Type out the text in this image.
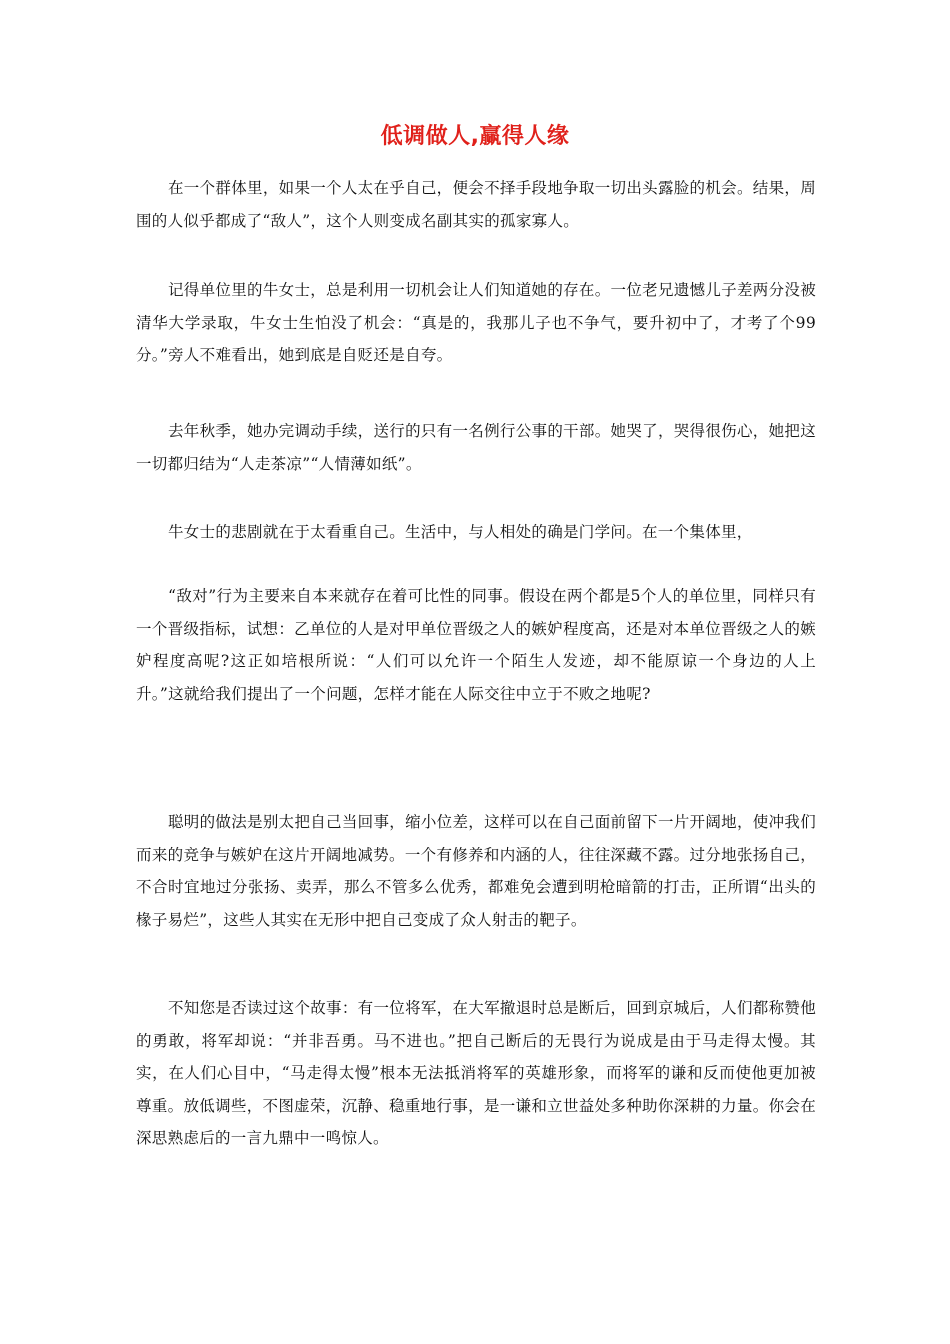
低调做人,赢得人缘

在一个群体里，如果一个人太在乎自己，便会不择手段地争取一切出头露脸的机会。结果，周围的人似乎都成了“敌人”，这个人则变成名副其实的孤家寡人。

记得单位里的牛女士，总是利用一切机会让人们知道她的存在。一位老兄遗憾儿子差两分没被清华大学录取，牛女士生怕没了机会：“真是的，我那儿子也不争气，要升初中了，才考了个99分。”旁人不难看出，她到底是自贬还是自夸。

去年秋季，她办完调动手续，送行的只有一名例行公事的干部。她哭了，哭得很伤心，她把这一切都归结为“人走茶凉”“人情薄如纸”。

牛女士的悲剧就在于太看重自己。生活中，与人相处的确是门学问。在一个集体里，

“敌对”行为主要来自本来就存在着可比性的同事。假设在两个都是5个人的单位里，同样只有一个晋级指标，试想：乙单位的人是对甲单位晋级之人的嫉妒程度高，还是对本单位晋级之人的嫉妒程度高呢?这正如培根所说：“人们可以允许一个陌生人发迹，却不能原谅一个身边的人上升。”这就给我们提出了一个问题，怎样才能在人际交往中立于不败之地呢?

聪明的做法是别太把自己当回事，缩小位差，这样可以在自己面前留下一片开阔地，使冲我们而来的竞争与嫉妒在这片开阔地减势。一个有修养和内涵的人，往往深藏不露。过分地张扬自己，不合时宜地过分张扬、卖弄，那么不管多么优秀，都难免会遭到明枪暗箭的打击，正所谓“出头的椽子易烂”，这些人其实在无形中把自己变成了众人射击的靶子。

不知您是否读过这个故事：有一位将军，在大军撤退时总是断后，回到京城后，人们都称赞他的勇敢，将军却说：“并非吾勇。马不进也。”把自己断后的无畏行为说成是由于马走得太慢。其实，在人们心目中，“马走得太慢”根本无法抵消将军的英雄形象，而将军的谦和反而使他更加被尊重。放低调些，不图虚荣，沉静、稳重地行事，是一谦和立世益处多种助你深耕的力量。你会在深思熟虑后的一言九鼎中一鸣惊人。
